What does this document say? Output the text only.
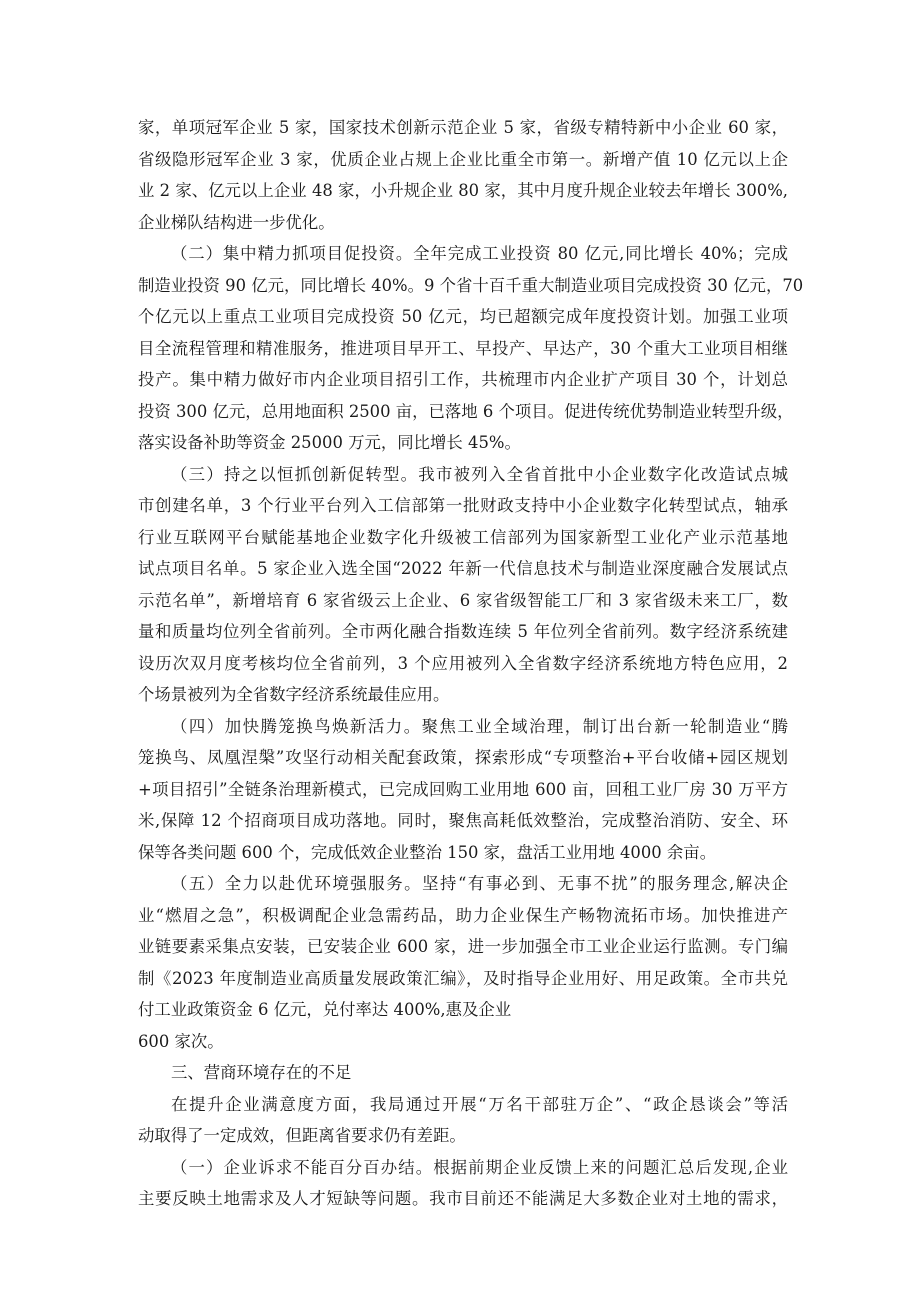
家，单项冠军企业 5 家，国家技术创新示范企业 5 家，省级专精特新中小企业 60 家，
省级隐形冠军企业 3 家，优质企业占规上企业比重全市第一。新增产值 10 亿元以上企
业 2 家、亿元以上企业 48 家，小升规企业 80 家，其中月度升规企业较去年增长 300%,
企业梯队结构进一步优化。
（二）集中精力抓项目促投资。全年完成工业投资 80 亿元,同比增长 40%；完成
制造业投资 90 亿元，同比增长 40%。9 个省十百千重大制造业项目完成投资 30 亿元，70
个亿元以上重点工业项目完成投资 50 亿元，均已超额完成年度投资计划。加强工业项
目全流程管理和精准服务，推进项目早开工、早投产、早达产，30 个重大工业项目相继
投产。集中精力做好市内企业项目招引工作，共梳理市内企业扩产项目 30 个，计划总
投资 300 亿元，总用地面积 2500 亩，已落地 6 个项目。促进传统优势制造业转型升级，
落实设备补助等资金 25000 万元，同比增长 45%。
（三）持之以恒抓创新促转型。我市被列入全省首批中小企业数字化改造试点城
市创建名单，3 个行业平台列入工信部第一批财政支持中小企业数字化转型试点，轴承
行业互联网平台赋能基地企业数字化升级被工信部列为国家新型工业化产业示范基地
试点项目名单。5 家企业入选全国“2022 年新一代信息技术与制造业深度融合发展试点
示范名单”，新增培育 6 家省级云上企业、6 家省级智能工厂和 3 家省级未来工厂，数
量和质量均位列全省前列。全市两化融合指数连续 5 年位列全省前列。数字经济系统建
设历次双月度考核均位全省前列，3 个应用被列入全省数字经济系统地方特色应用，2
个场景被列为全省数字经济系统最佳应用。
（四）加快腾笼换鸟焕新活力。聚焦工业全域治理，制订出台新一轮制造业“腾
笼换鸟、凤凰涅槃”攻坚行动相关配套政策，探索形成“专项整治+平台收储+园区规划
+项目招引”全链条治理新模式，已完成回购工业用地 600 亩，回租工业厂房 30 万平方
米,保障 12 个招商项目成功落地。同时，聚焦高耗低效整治，完成整治消防、安全、环
保等各类问题 600 个，完成低效企业整治 150 家，盘活工业用地 4000 余亩。
（五）全力以赴优环境强服务。坚持“有事必到、无事不扰”的服务理念,解决企
业“燃眉之急”，积极调配企业急需药品，助力企业保生产畅物流拓市场。加快推进产
业链要素采集点安装，已安装企业 600 家，进一步加强全市工业企业运行监测。专门编
制《2023 年度制造业高质量发展政策汇编》，及时指导企业用好、用足政策。全市共兑
付工业政策资金 6 亿元，兑付率达 400%,惠及企业
600 家次。
三、营商环境存在的不足
在提升企业满意度方面，我局通过开展“万名干部驻万企”、“政企恳谈会”等活
动取得了一定成效，但距离省要求仍有差距。
（一）企业诉求不能百分百办结。根据前期企业反馈上来的问题汇总后发现,企业
主要反映土地需求及人才短缺等问题。我市目前还不能满足大多数企业对土地的需求，
